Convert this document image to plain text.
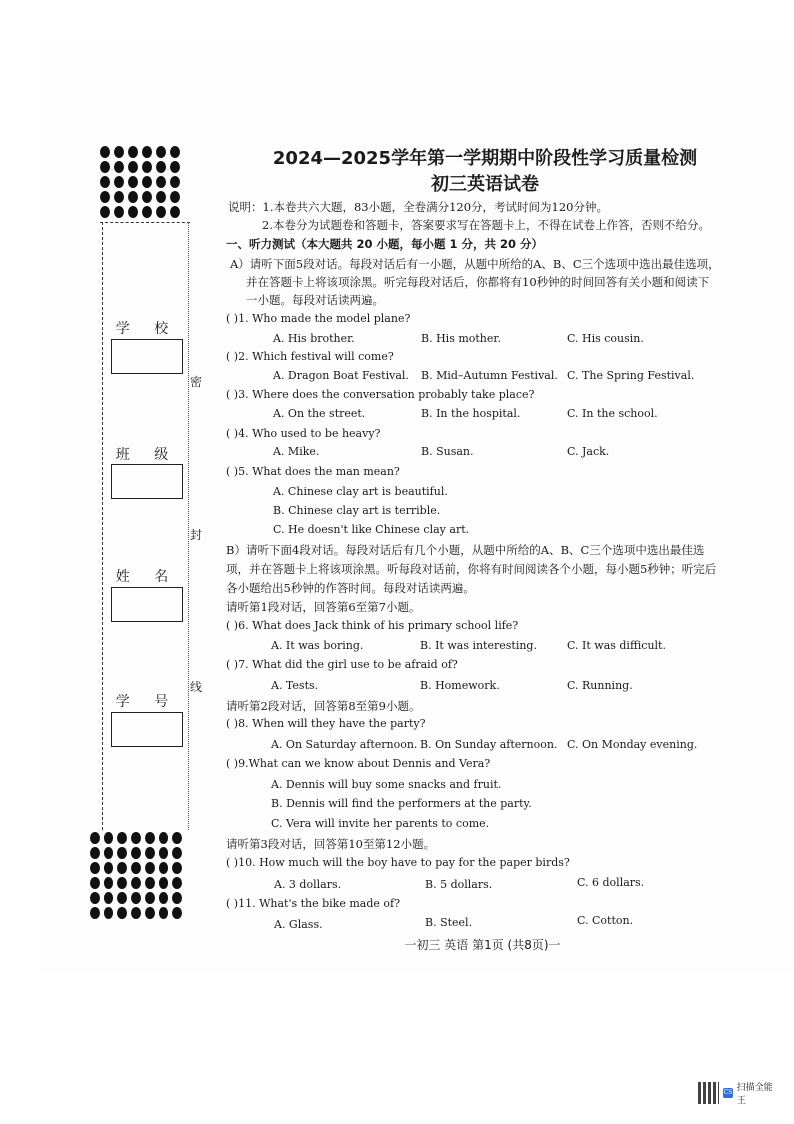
学 校
班 级
姓 名
学 号
密
封
线
2024—2025学年第一学期期中阶段性学习质量检测
初三英语试卷
说明：1.本卷共六大题，83小题，全卷满分120分，考试时间为120分钟。
2.本卷分为试题卷和答题卡，答案要求写在答题卡上，不得在试卷上作答，否则不给分。
一、听力测试（本大题共 20 小题，每小题 1 分，共 20 分）
A）请听下面5段对话。每段对话后有一小题，从题中所给的A、B、C三个选项中选出最佳选项，
并在答题卡上将该项涂黑。听完每段对话后，你都将有10秒钟的时间回答有关小题和阅读下
一小题。每段对话读两遍。
( )1. Who made the model plane?
A. His brother.	B. His mother.	C. His cousin.
( )2. Which festival will come?
A. Dragon Boat Festival. B. Mid–Autumn Festival. C. The Spring Festival.
( )3. Where does the conversation probably take place?
A. On the street.	B. In the hospital.	C. In the school.
( )4. Who used to be heavy?
A. Mike.	B. Susan.	C. Jack.
( )5. What does the man mean?
A. Chinese clay art is beautiful.
B. Chinese clay art is terrible.
C. He doesn't like Chinese clay art.
B）请听下面4段对话。每段对话后有几个小题，从题中所给的A、B、C三个选项中选出最佳选
项，并在答题卡上将该项涂黑。听每段对话前，你将有时间阅读各个小题，每小题5秒钟；听完后
各小题给出5秒钟的作答时间。每段对话读两遍。
请听第1段对话，回答第6至第7小题。
( )6. What does Jack think of his primary school life?
A. It was boring.	B. It was interesting.	C. It was difficult.
( )7. What did the girl use to be afraid of?
A. Tests.	B. Homework.	C. Running.
请听第2段对话，回答第8至第9小题。
( )8. When will they have the party?
A. On Saturday afternoon. B. On Sunday afternoon. C. On Monday evening.
( )9.What can we know about Dennis and Vera?
A. Dennis will buy some snacks and fruit.
B. Dennis will find the performers at the party.
C. Vera will invite her parents to come.
请听第3段对话，回答第10至第12小题。
( )10. How much will the boy have to pay for the paper birds?
A. 3 dollars.	B. 5 dollars.	C. 6 dollars.
( )11. What's the bike made of?
A. Glass.	B. Steel.	C. Cotton.
一初三 英语 第1页 (共8页)一
CS 扫描全能王
